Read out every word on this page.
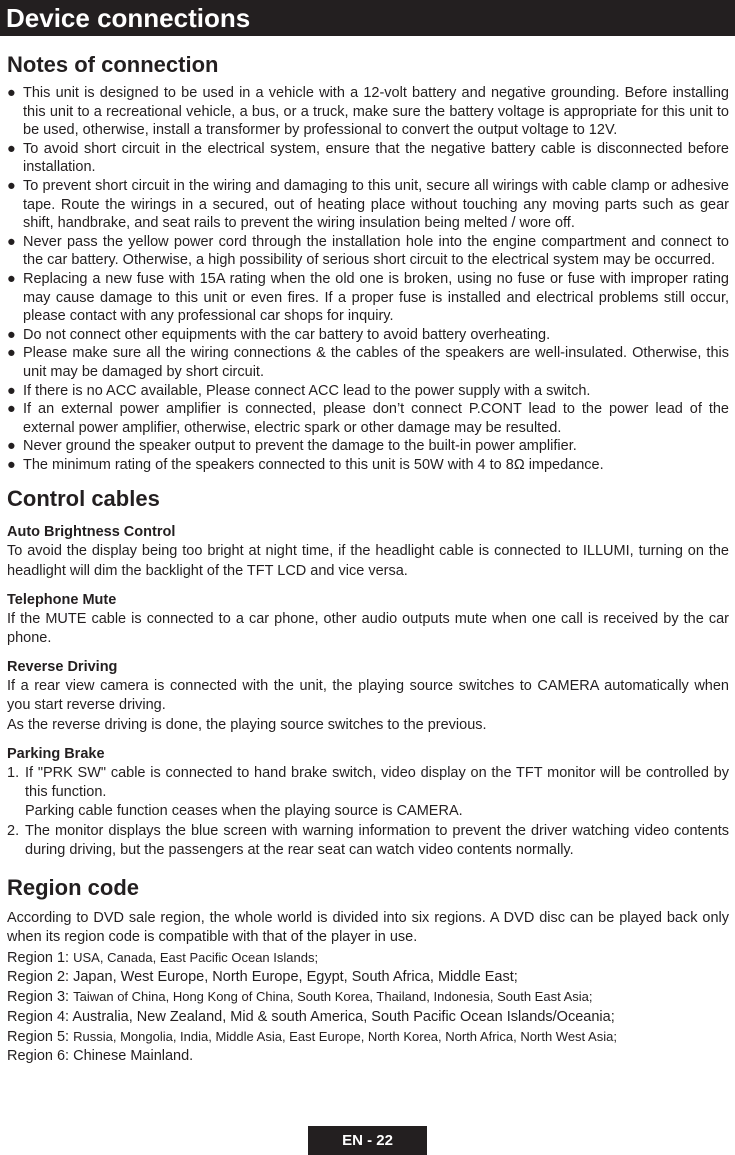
Device connections
Notes of connection
● This unit is designed to be used in a vehicle with a 12-volt battery and negative grounding. Before installing this unit to a recreational vehicle, a bus, or a truck, make sure the battery voltage is appropriate for this unit to be used, otherwise, install a transformer by professional to convert the output voltage to 12V.
● To avoid short circuit in the electrical system, ensure that the negative battery cable is disconnected before installation.
● To prevent short circuit in the wiring and damaging to this unit, secure all wirings with cable clamp or adhesive tape. Route the wirings in a secured, out of heating place without touching any moving parts such as gear shift, handbrake, and seat rails to prevent the wiring insulation being melted / wore off.
● Never pass the yellow power cord through the installation hole into the engine compartment and connect to the car battery. Otherwise, a high possibility of serious short circuit to the electrical system may be occurred.
● Replacing a new fuse with 15A rating when the old one is broken, using no fuse or fuse with improper rating may cause damage to this unit or even fires. If a proper fuse is installed and electrical problems still occur, please contact with any professional car shops for inquiry.
● Do not connect other equipments with the car battery to avoid battery overheating.
● Please make sure all the wiring connections & the cables of the speakers are well-insulated. Otherwise, this unit may be damaged by short circuit.
● If there is no ACC available, Please connect ACC lead to the power supply with a switch.
● If an external power amplifier is connected, please don’t connect P.CONT lead to the power lead of the external power amplifier, otherwise, electric spark or other damage may be resulted.
● Never ground the speaker output to prevent the damage to the built-in power amplifier.
● The minimum rating of the speakers connected to this unit is 50W with 4 to 8Ω impedance.
Control cables
Auto Brightness Control

To avoid the display being too bright at night time, if the headlight cable is connected to ILLUMI, turning on the headlight will dim the backlight of the TFT LCD and vice versa.

Telephone Mute

If the MUTE cable is connected to a car phone, other audio outputs mute when one call is received by the car phone.

Reverse Driving

If a rear view camera is connected with the unit, the playing source switches to CAMERA automatically when you start reverse driving.

As the reverse driving is done, the playing source switches to the previous.

Parking Brake
1. If "PRK SW" cable is connected to hand brake switch, video display on the TFT monitor will be controlled by this function.
Parking cable function ceases when the playing source is CAMERA.
2. The monitor displays the blue screen with warning information to prevent the driver watching video contents during driving, but the passengers at the rear seat can watch video contents normally.
Region code

According to DVD sale region, the whole world is divided into six regions. A DVD disc can be played back only when its region code is compatible with that of the player in use.

Region 1: USA, Canada, East Pacific Ocean Islands;
Region 2: Japan, West Europe, North Europe, Egypt, South Africa, Middle East;
Region 3: Taiwan of China, Hong Kong of China, South Korea, Thailand, Indonesia, South East Asia;
Region 4: Australia, New Zealand, Mid & south America, South Pacific Ocean Islands/Oceania;
Region 5: Russia, Mongolia, India, Middle Asia, East Europe, North Korea, North Africa, North West Asia;
Region 6: Chinese Mainland.
EN - 22
